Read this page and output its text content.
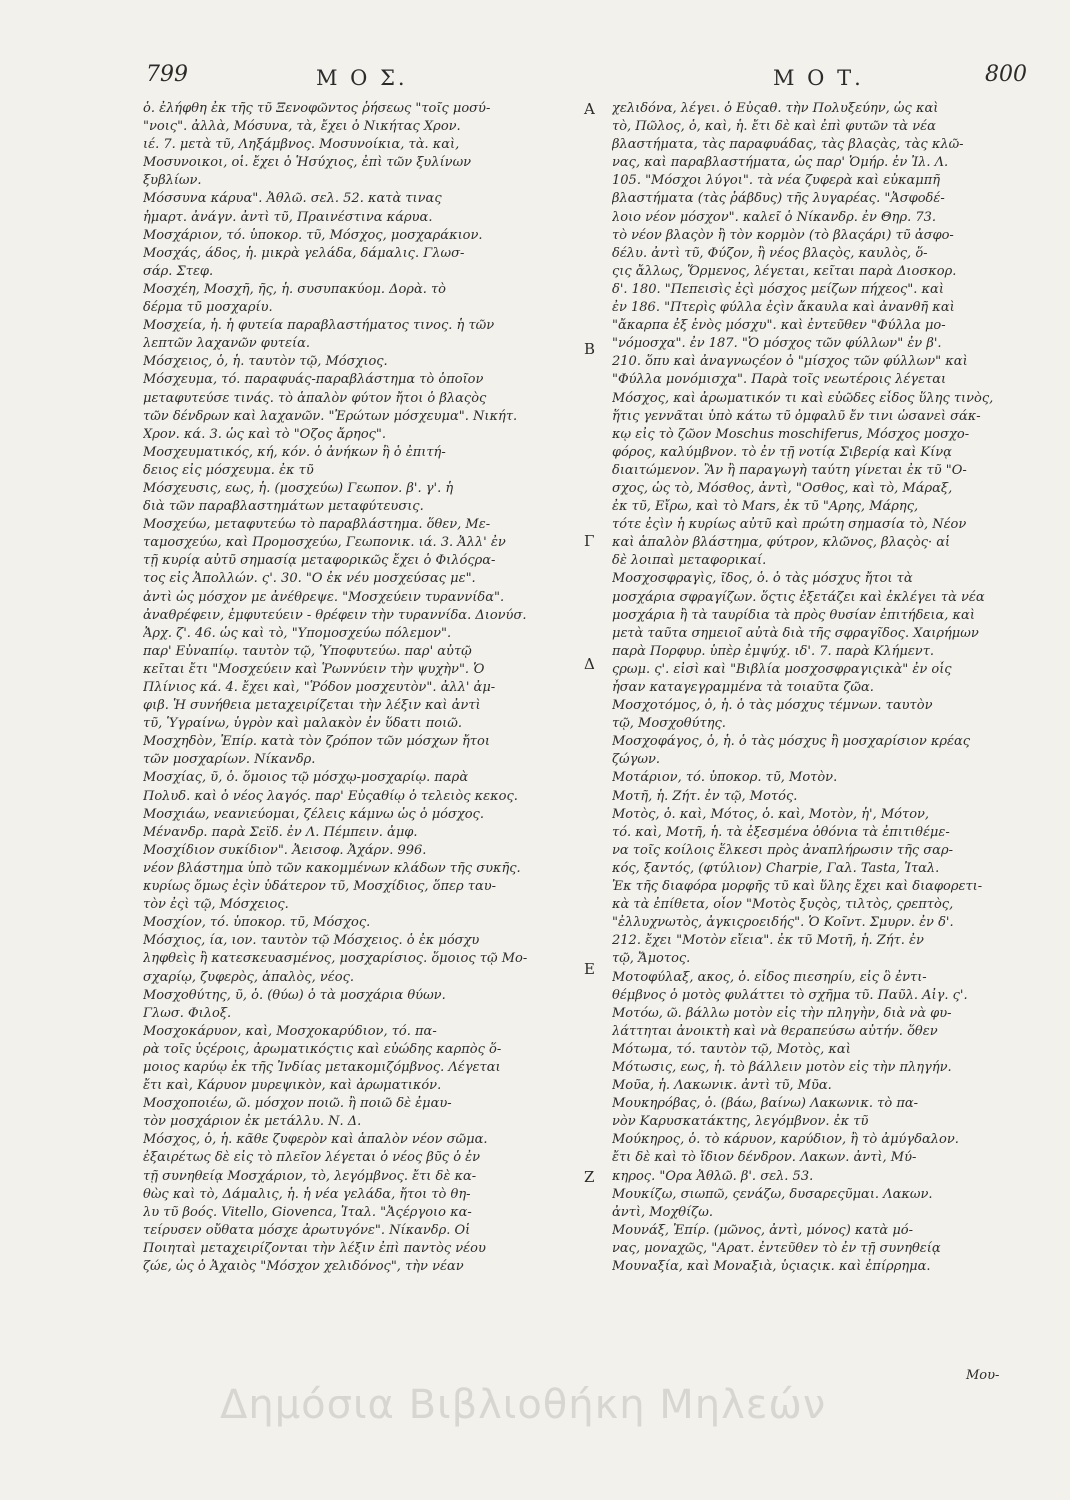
799	Μ Ο Σ.	Μ Ο Τ.	800
ὁ. ἐλήφθη ἐκ τῆς τῦ Ξενοφῶντος ῥήσεως "τοῖς μοσύ-
"νοις". ἀλλὰ, Μόσυνα, τὰ, ἔχει ὁ Νικήτας Χρον.
ιέ. 7. μετὰ τῦ, Ληξάμβνος. Μοσυνοίκια, τὰ. καὶ,
Μοσυνοικοι, οἱ. ἔχει ὁ Ἡσύχιος, ἐπὶ τῶν ξυλίνων
ξυβλίων.
Μόσσυνα κάρυα". Ἀθλῶ. σελ. 52. κατὰ τινας
ἡμαρτ. ἀνάγν. ἀντὶ τῦ, Πραινέστινα κάρυα.
Μοσχάριον, τό. ὑποκορ. τῦ, Μόσχος, μοσχαράκιον.
Μοσχάς, άδος, ἡ. μικρὰ γελάδα, δάμαλις. Γλωσ-
σάρ. Στεφ.
Μοσχέη, Μοσχῆ, ῆς, ἡ. συσυπακύομ. Δορὰ. τὸ
δέρμα τῦ μοσχαρίυ.
Μοσχεία, ἡ. ἡ φυτεία παραβλαστήματος τινος. ἡ τῶν
λεπτῶν λαχανῶν φυτεία.
Μόσχειος, ὁ, ἡ. ταυτὸν τῷ, Μόσχιος.
Μόσχευμα, τό. παραφυάς-παραβλάστημα τὸ ὁποῖον
μεταφυτεύσε τινάς. τὸ ἁπαλὸν φύτον ἤτοι ὁ βλαςὸς
τῶν δένδρων καὶ λαχανῶν. "Ἐρώτων μόσχευμα". Νικήτ.
Χρον. κά. 3. ὡς καὶ τὸ "Οζος ἄρηος".
Μοσχευματικός, κή, κόν. ὁ ἀνήκων ἢ ὁ ἐπιτή-
δειος εἰς μόσχευμα. ἐκ τῦ
Μόσχευσις, εως, ἡ. (μοσχεύω) Γεωπον. β'. γ'. ἡ
διὰ τῶν παραβλαστημάτων μεταφύτευσις.
Μοσχεύω, μεταφυτεύω τὸ παραβλάστημα. ὅθεν, Με-
ταμοσχεύω, καὶ Προμοσχεύω, Γεωπονικ. ιά. 3. Ἀλλ' ἐν
τῇ κυρίᾳ αὐτῦ σημασίᾳ μεταφορικῶς ἔχει ὁ Φιλόςρα-
τος εἰς Ἀπολλών. ς'. 30. "Ο ἐκ νέυ μοσχεύσας με".
ἀντὶ ὡς μόσχον με ἀνέθρεψε. "Μοσχεύειν τυραννίδα".
ἀναθρέφειν, ἐμφυτεύειν - θρέφειν τὴν τυραννίδα. Διονύσ.
Ἀρχ. ζ'. 46. ὡς καὶ τὸ, "Υπομοσχεύω πόλεμον".
παρ' Εὐναπίῳ. ταυτὸν τῷ, Ὑποφυτεύω. παρ' αὐτῷ
κεῖται ἔτι "Μοσχεύειν καὶ Ῥωννύειν τὴν ψυχὴν". Ὁ
Πλίνιος κά. 4. ἔχει καὶ, "Ῥόδον μοσχευτὸν". ἀλλ' ἀμ-
φιβ. Ἡ συνήθεια μεταχειρίζεται τὴν λέξιν καὶ ἀντὶ
τῦ, Ὑγραίνω, ὑγρὸν καὶ μαλακὸν ἐν ὕδατι ποιῶ.
Μοσχηδὸν, Ἐπίρ. κατὰ τὸν ζρόπον τῶν μόσχων ἤτοι
τῶν μοσχαρίων. Νίκανδρ.
Μοσχίας, ῦ, ὁ. ὅμοιος τῷ μόσχῳ-μοσχαρίῳ. παρὰ
Πολυδ. καὶ ὁ νέος λαγός. παρ' Εὐςαθίῳ ὁ τελειὸς κεκος.
Μοσχιάω, νεανιεύομαι, ζέλεις κάμνω ὡς ὁ μόσχος.
Μένανδρ. παρὰ Σεϊδ. ἐν Λ. Πέμπειν. ἀμφ.
Μοσχίδιον συκίδιον". Ἀεισοφ. Ἀχάρν. 996.
νέον βλάστημα ὑπὸ τῶν κακομμένων κλάδων τῆς συκῆς.
κυρίως ὅμως ἐςὶν ὑδάτερον τῦ, Μοσχίδιος, ὅπερ ταυ-
τὸν ἐςὶ τῷ, Μόσχειος.
Μοσχίον, τό. ὑποκορ. τῦ, Μόσχος.
Μόσχιος, ία, ιον. ταυτὸν τῷ Μόσχειος. ὁ ἐκ μόσχυ
ληφθεὶς ἢ κατεσκευασμένος, μοσχαρίσιος. ὅμοιος τῷ Μο-
σχαρίῳ, ζυφερὸς, ἁπαλὸς, νέος.
Μοσχοθύτης, ῦ, ὁ. (θύω) ὁ τὰ μοσχάρια θύων.
Γλωσ. Φιλοξ.
Μοσχοκάρυον, καὶ, Μοσχοκαρύδιον, τό. πα-
ρὰ τοῖς ὑςέροις, ἀρωματικόςτις καὶ εὐώδης καρπὸς ὅ-
μοιος καρύῳ ἐκ τῆς Ἰνδίας μετακομιζόμβνος. Λέγεται
ἔτι καὶ, Κάρυον μυρεψικὸν, καὶ ἀρωματικόν.
Μοσχοποιέω, ῶ. μόσχον ποιῶ. ἢ ποιῶ δὲ ἐμαυ-
τὸν μοσχάριον ἐκ μετάλλυ. Ν. Δ.
Μόσχος, ὁ, ἡ. κᾶθε ζυφερὸν καὶ ἁπαλὸν νέον σῶμα.
ἐξαιρέτως δὲ εἰς τὸ πλεῖον λέγεται ὁ νέος βῦς ὁ ἐν
τῇ συνηθείᾳ Μοσχάριον, τὸ, λεγόμβνος. ἔτι δὲ κα-
θὼς καὶ τὸ, Δάμαλις, ἡ. ἡ νέα γελάδα, ἤτοι τὸ θη-
λυ τῦ βοός. Vitello, Giovenca, Ἰταλ. "Ἀςέργοιο κα-
τείρυσεν οὔθατα μόσχε ἀρωτυγόνε". Νίκανδρ. Οἱ
Ποιηταὶ μεταχειρίζονται τὴν λέξιν ἐπὶ παντὸς νέου
ζώε, ὡς ὁ Ἀχαιὸς "Μόσχον χελιδόνος", τὴν νέαν
χελιδόνα, λέγει. ὁ Εὐςαθ. τὴν Πολυξεύην, ὡς καὶ
τὸ, Πῶλος, ὁ, καὶ, ἡ. ἔτι δὲ καὶ ἐπὶ φυτῶν τὰ νέα
βλαστήματα, τὰς παραφυάδας, τὰς βλαςὰς, τὰς κλῶ-
νας, καὶ παραβλαστήματα, ὡς παρ' Ὁμήρ. ἐν Ἰλ. Λ.
105. "Μόσχοι λύγοι". τὰ νέα ζυφερὰ καὶ εὐκαμπῆ
βλαστήματα (τὰς ῥάβδυς) τῆς λυγαρέας. "Ἀσφοδέ-
λοιο νέον μόσχον". καλεῖ ὁ Νίκανδρ. ἐν Θηρ. 73.
τὸ νέον βλαςὸν ἢ τὸν κορμὸν (τὸ βλαςάρι) τῦ ἀσφο-
δέλυ. ἀντὶ τῦ, Φύζον, ἢ νέος βλαςὸς, καυλὸς, ὅ-
ςις ἄλλως, Ὅρμενος, λέγεται, κεῖται παρὰ Διοσκορ.
δ'. 180. "Πεπεισὶς ἐςὶ μόσχος μείζων πήχεος". καὶ
ἐν 186. "Πτερὶς φύλλα ἐςὶν ἄκαυλα καὶ ἀνανθῆ καὶ
"ἄκαρπα ἐξ ἑνὸς μόσχυ". καὶ ἐντεῦθεν "Φύλλα μο-
"νόμοσχα". ἐν 187. "Ὁ μόσχος τῶν φύλλων" ἐν β'.
210. ὅπυ καὶ ἀναγνωςέον ὁ "μίσχος τῶν φύλλων" καὶ
"Φύλλα μονόμισχα". Παρὰ τοῖς νεωτέροις λέγεται
Μόσχος, καὶ ἀρωματικόν τι καὶ εὐῶδες εἶδος ὕλης τινὸς,
ἥτις γεννᾶται ὑπὸ κάτω τῦ ὀμφαλῦ ἔν τινι ὡσανεὶ σάκ-
κῳ εἰς τὸ ζῶον Moschus moschiferus, Μόσχος μοσχο-
φόρος, καλύμβνον. τὸ ἐν τῇ νοτίᾳ Σιβερίᾳ καὶ Κίνᾳ
διαιτώμενον. Ἂν ἢ παραγωγὴ ταύτη γίνεται ἐκ τῦ "Ο-
σχος, ὡς τὸ, Μόσθος, ἀντὶ, "Οσθος, καὶ τὸ, Μάραξ,
ἐκ τῦ, Εἴρω, καὶ τὸ Mars, ἐκ τῦ "Αρης, Μάρης,
τότε ἐςὶν ἡ κυρίως αὐτῦ καὶ πρώτη σημασία τὸ, Νέον
καὶ ἁπαλὸν βλάστημα, φύτρον, κλῶνος, βλαςὸς· αἱ
δὲ λοιπαὶ μεταφορικαί.
Μοσχοσφραγὶς, ῖδος, ὁ. ὁ τὰς μόσχυς ἤτοι τὰ
μοσχάρια σφραγίζων. ὅςτις ἐξετάζει καὶ ἐκλέγει τὰ νέα
μοσχάρια ἢ τὰ ταυρίδια τὰ πρὸς θυσίαν ἐπιτήδεια, καὶ
μετὰ ταῦτα σημειοῖ αὐτὰ διὰ τῆς σφραγῖδος. Χαιρήμων
παρὰ Πορφυρ. ὑπὲρ ἐμψύχ. ιδ'. 7. παρὰ Κλήμεντ.
ςρωμ. ς'. εἰσὶ καὶ "Βιβλία μοσχοσφραγιςικὰ" ἐν οἷς
ἦσαν καταγεγραμμένα τὰ τοιαῦτα ζῶα.
Μοσχοτόμος, ὁ, ἡ. ὁ τὰς μόσχυς τέμνων. ταυτὸν
τῷ, Μοσχοθύτης.
Μοσχοφάγος, ὁ, ἡ. ὁ τὰς μόσχυς ἢ μοσχαρίσιον κρέας
ζώγων.
Μοτάριον, τό. ὑποκορ. τῦ, Μοτὸν.
Μοτῆ, ἡ. Ζήτ. ἐν τῷ, Μοτός.
Μοτὸς, ὁ. καὶ, Μότος, ὁ. καὶ, Μοτὸν, ἡ', Μότον,
τό. καὶ, Μοτῆ, ἡ. τὰ ἐξεσμένα ὀθόνια τὰ ἐπιτιθέμε-
να τοῖς κοίλοις ἕλκεσι πρὸς ἀναπλήρωσιν τῆς σαρ-
κός, ξαντός, (φτύλιον) Charpie, Γαλ. Tasta, Ἰταλ.
Ἐκ τῆς διαφόρα μορφῆς τῦ καὶ ὕλης ἔχει καὶ διαφορετι-
κὰ τὰ ἐπίθετα, οἷον "Μοτὸς ξυςὸς, τιλτὸς, ςρεπτὸς,
"ἐλλυχνωτὸς, ἀγκιςροειδής". Ὁ Κοῖντ. Σμυρν. ἐν δ'.
212. ἔχει "Μοτὸν εἴεια". ἐκ τῦ Μοτῆ, ἡ. Ζήτ. ἐν
τῷ, Ἄμοτος.
Μοτοφύλαξ, ακος, ὁ. εἶδος πιεσηρίυ, εἰς ὃ ἐντι-
θέμβνος ὁ μοτὸς φυλάττει τὸ σχῆμα τῦ. Παῦλ. Αἰγ. ς'.
Μοτόω, ῶ. βάλλω μοτὸν εἰς τὴν πληγὴν, διὰ νὰ φυ-
λάττηται ἀνοικτὴ καὶ νὰ θεραπεύσω αὐτήν. ὅθεν
Μότωμα, τό. ταυτὸν τῷ, Μοτὸς, καὶ
Μότωσις, εως, ἡ. τὸ βάλλειν μοτὸν εἰς τὴν πληγήν.
Μοῦα, ἡ. Λακωνικ. ἀντὶ τῦ, Μῦα.
Μουκηρόβας, ὁ. (βάω, βαίνω) Λακωνικ. τὸ πα-
νὸν Καρυσκατάκτης, λεγόμβνον. ἐκ τῦ
Μούκηρος, ὁ. τὸ κάρυον, καρύδιον, ἢ τὸ ἀμύγδαλον.
ἔτι δὲ καὶ τὸ ἴδιον δένδρον. Λακων. ἀντὶ, Μύ-
κηρος. "Ορα Ἀθλῶ. β'. σελ. 53.
Μουκίζω, σιωπῶ, ςενάζω, δυσαρεςῦμαι. Λακων.
ἀντὶ, Μοχθίζω.
Μουνάξ, Ἐπίρ. (μῶνος, ἀντὶ, μόνος) κατὰ μό-
νας, μοναχῶς, "Αρατ. ἐντεῦθεν τὸ ἐν τῇ συνηθείᾳ
Μουναξία, καὶ Μοναξιὰ, ὑςιαςικ. καὶ ἐπίρρημα.
A
B
Γ
Δ
E
Z
Μου-
Δημόσια Βιβλιοθήκη Μηλεών
